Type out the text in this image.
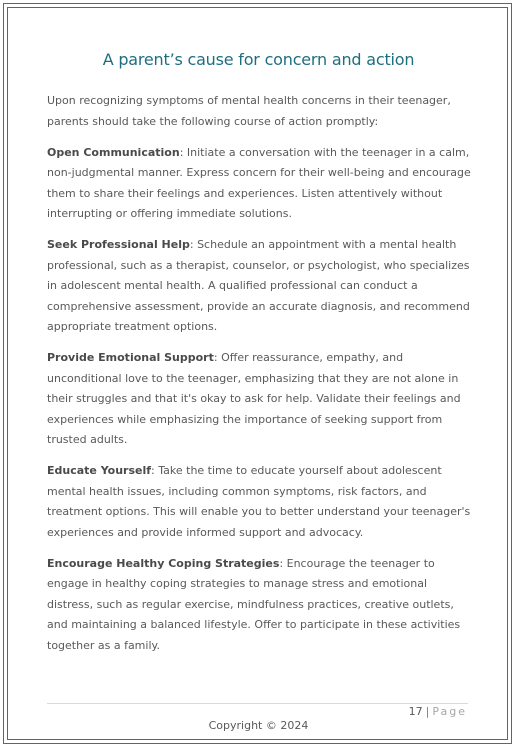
A parent’s cause for concern and action

Upon recognizing symptoms of mental health concerns in their teenager, parents should take the following course of action promptly:

Open Communication: Initiate a conversation with the teenager in a calm, non-judgmental manner. Express concern for their well-being and encourage them to share their feelings and experiences. Listen attentively without interrupting or offering immediate solutions.

Seek Professional Help: Schedule an appointment with a mental health professional, such as a therapist, counselor, or psychologist, who specializes in adolescent mental health. A qualified professional can conduct a comprehensive assessment, provide an accurate diagnosis, and recommend appropriate treatment options.

Provide Emotional Support: Offer reassurance, empathy, and unconditional love to the teenager, emphasizing that they are not alone in their struggles and that it's okay to ask for help. Validate their feelings and experiences while emphasizing the importance of seeking support from trusted adults.

Educate Yourself: Take the time to educate yourself about adolescent mental health issues, including common symptoms, risk factors, and treatment options. This will enable you to better understand your teenager's experiences and provide informed support and advocacy.

Encourage Healthy Coping Strategies: Encourage the teenager to engage in healthy coping strategies to manage stress and emotional distress, such as regular exercise, mindfulness practices, creative outlets, and maintaining a balanced lifestyle. Offer to participate in these activities together as a family.

17 | Page
Copyright © 2024
